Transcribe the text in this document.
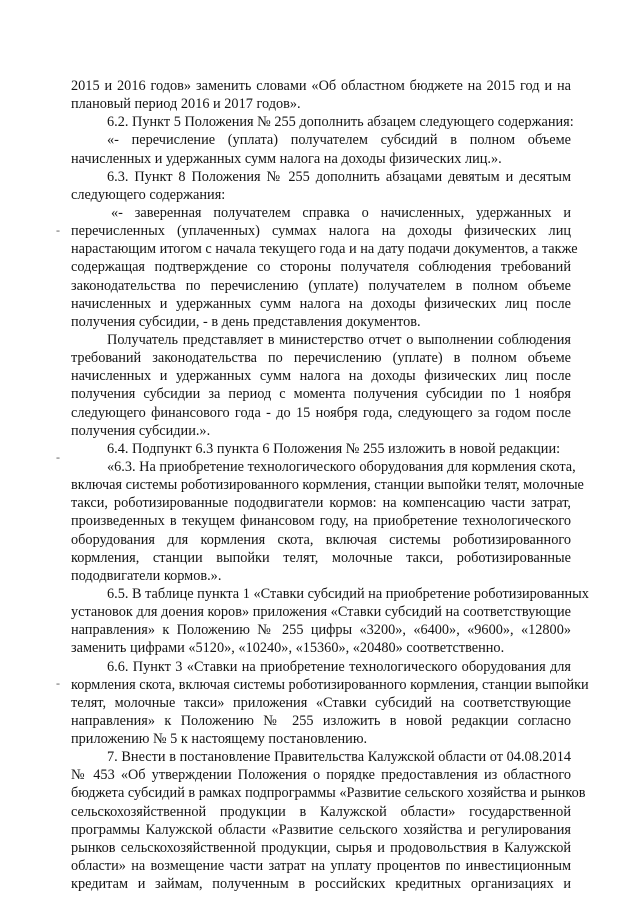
2015 и 2016 годов» заменить словами «Об областном бюджете на 2015 год и на
плановый период 2016 и 2017 годов».
6.2. Пункт 5 Положения № 255 дополнить абзацем следующего содержания:
«- перечисление (уплата) получателем субсидий в полном объеме
начисленных и удержанных сумм налога на доходы физических лиц.».
6.3. Пункт 8 Положения № 255 дополнить абзацами девятым и десятым
следующего содержания:
«- заверенная получателем справка о начисленных, удержанных и
перечисленных (уплаченных) суммах налога на доходы физических лиц
нарастающим итогом с начала текущего года и на дату подачи документов, а также
содержащая подтверждение со стороны получателя соблюдения требований
законодательства по перечислению (уплате) получателем в полном объеме
начисленных и удержанных сумм налога на доходы физических лиц после
получения субсидии, - в день представления документов.
Получатель представляет в министерство отчет о выполнении соблюдения
требований законодательства по перечислению (уплате) в полном объеме
начисленных и удержанных сумм налога на доходы физических лиц после
получения субсидии за период с момента получения субсидии по 1 ноября
следующего финансового года - до 15 ноября года, следующего за годом после
получения субсидии.».
6.4. Подпункт 6.3 пункта 6 Положения № 255 изложить в новой редакции:
«6.3. На приобретение технологического оборудования для кормления скота,
включая системы роботизированного кормления, станции выпойки телят, молочные
такси, роботизированные пододвигатели кормов: на компенсацию части затрат,
произведенных в текущем финансовом году, на приобретение технологического
оборудования для кормления скота, включая системы роботизированного
кормления, станции выпойки телят, молочные такси, роботизированные
пододвигатели кормов.».
6.5. В таблице пункта 1 «Ставки субсидий на приобретение роботизированных
установок для доения коров» приложения «Ставки субсидий на соответствующие
направления» к Положению № 255 цифры «3200», «6400», «9600», «12800»
заменить цифрами «5120», «10240», «15360», «20480» соответственно.
6.6. Пункт 3 «Ставки на приобретение технологического оборудования для
кормления скота, включая системы роботизированного кормления, станции выпойки
телят, молочные такси» приложения «Ставки субсидий на соответствующие
направления» к Положению № 255 изложить в новой редакции согласно
приложению № 5 к настоящему постановлению.
7. Внести в постановление Правительства Калужской области от 04.08.2014
№ 453 «Об утверждении Положения о порядке предоставления из областного
бюджета субсидий в рамках подпрограммы «Развитие сельского хозяйства и рынков
сельскохозяйственной продукции в Калужской области» государственной
программы Калужской области «Развитие сельского хозяйства и регулирования
рынков сельскохозяйственной продукции, сырья и продовольствия в Калужской
области» на возмещение части затрат на уплату процентов по инвестиционным
кредитам и займам, полученным в российских кредитных организациях и
-
-
-
